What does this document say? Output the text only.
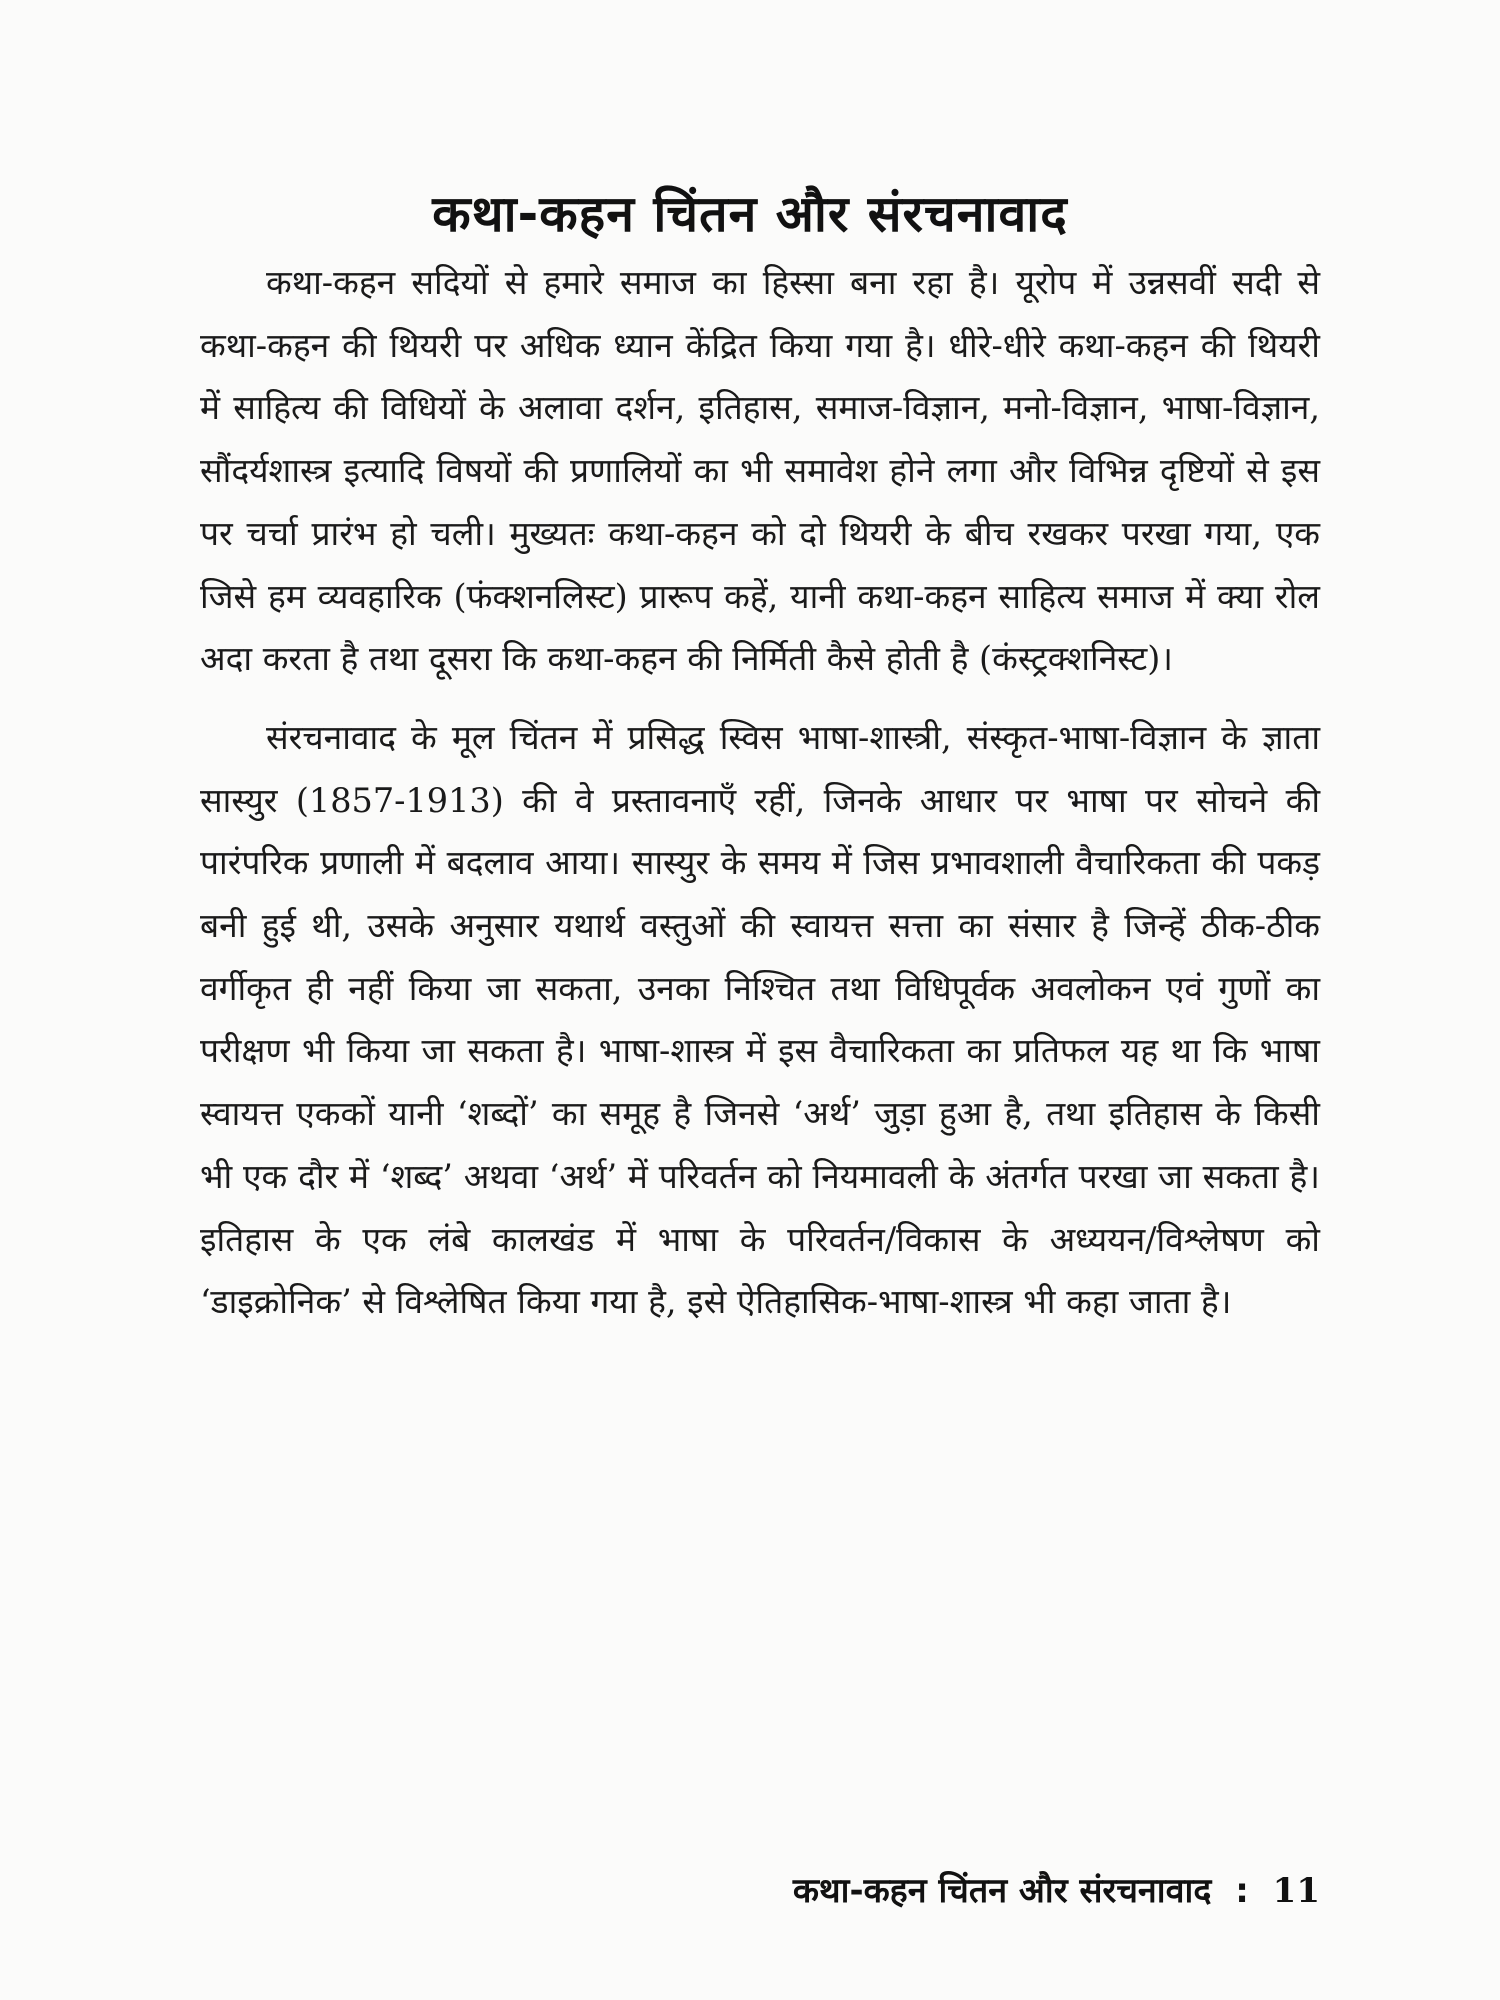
कथा-कहन चिंतन और संरचनावाद

कथा-कहन सदियों से हमारे समाज का हिस्सा बना रहा है। यूरोप में उन्नसवीं सदी से कथा-कहन की थियरी पर अधिक ध्यान केंद्रित किया गया है। धीरे-धीरे कथा-कहन की थियरी में साहित्य की विधियों के अलावा दर्शन, इतिहास, समाज-विज्ञान, मनो-विज्ञान, भाषा-विज्ञान, सौंदर्यशास्त्र इत्यादि विषयों की प्रणालियों का भी समावेश होने लगा और विभिन्न दृष्टियों से इस पर चर्चा प्रारंभ हो चली। मुख्यतः कथा-कहन को दो थियरी के बीच रखकर परखा गया, एक जिसे हम व्यवहारिक (फंक्शनलिस्ट) प्रारूप कहें, यानी कथा-कहन साहित्य समाज में क्या रोल अदा करता है तथा दूसरा कि कथा-कहन की निर्मिती कैसे होती है (कंस्ट्रक्शनिस्ट)।

संरचनावाद के मूल चिंतन में प्रसिद्ध स्विस भाषा-शास्त्री, संस्कृत-भाषा-विज्ञान के ज्ञाता सास्युर (1857-1913) की वे प्रस्तावनाएँ रहीं, जिनके आधार पर भाषा पर सोचने की पारंपरिक प्रणाली में बदलाव आया। सास्युर के समय में जिस प्रभावशाली वैचारिकता की पकड़ बनी हुई थी, उसके अनुसार यथार्थ वस्तुओं की स्वायत्त सत्ता का संसार है जिन्हें ठीक-ठीक वर्गीकृत ही नहीं किया जा सकता, उनका निश्चित तथा विधिपूर्वक अवलोकन एवं गुणों का परीक्षण भी किया जा सकता है। भाषा-शास्त्र में इस वैचारिकता का प्रतिफल यह था कि भाषा स्वायत्त एककों यानी ‘शब्दों’ का समूह है जिनसे ‘अर्थ’ जुड़ा हुआ है, तथा इतिहास के किसी भी एक दौर में ‘शब्द’ अथवा ‘अर्थ’ में परिवर्तन को नियमावली के अंतर्गत परखा जा सकता है। इतिहास के एक लंबे कालखंड में भाषा के परिवर्तन/विकास के अध्ययन/विश्लेषण को ‘डाइक्रोनिक’ से विश्लेषित किया गया है, इसे ऐतिहासिक-भाषा-शास्त्र भी कहा जाता है।

कथा-कहन चिंतन और संरचनावाद : 11
